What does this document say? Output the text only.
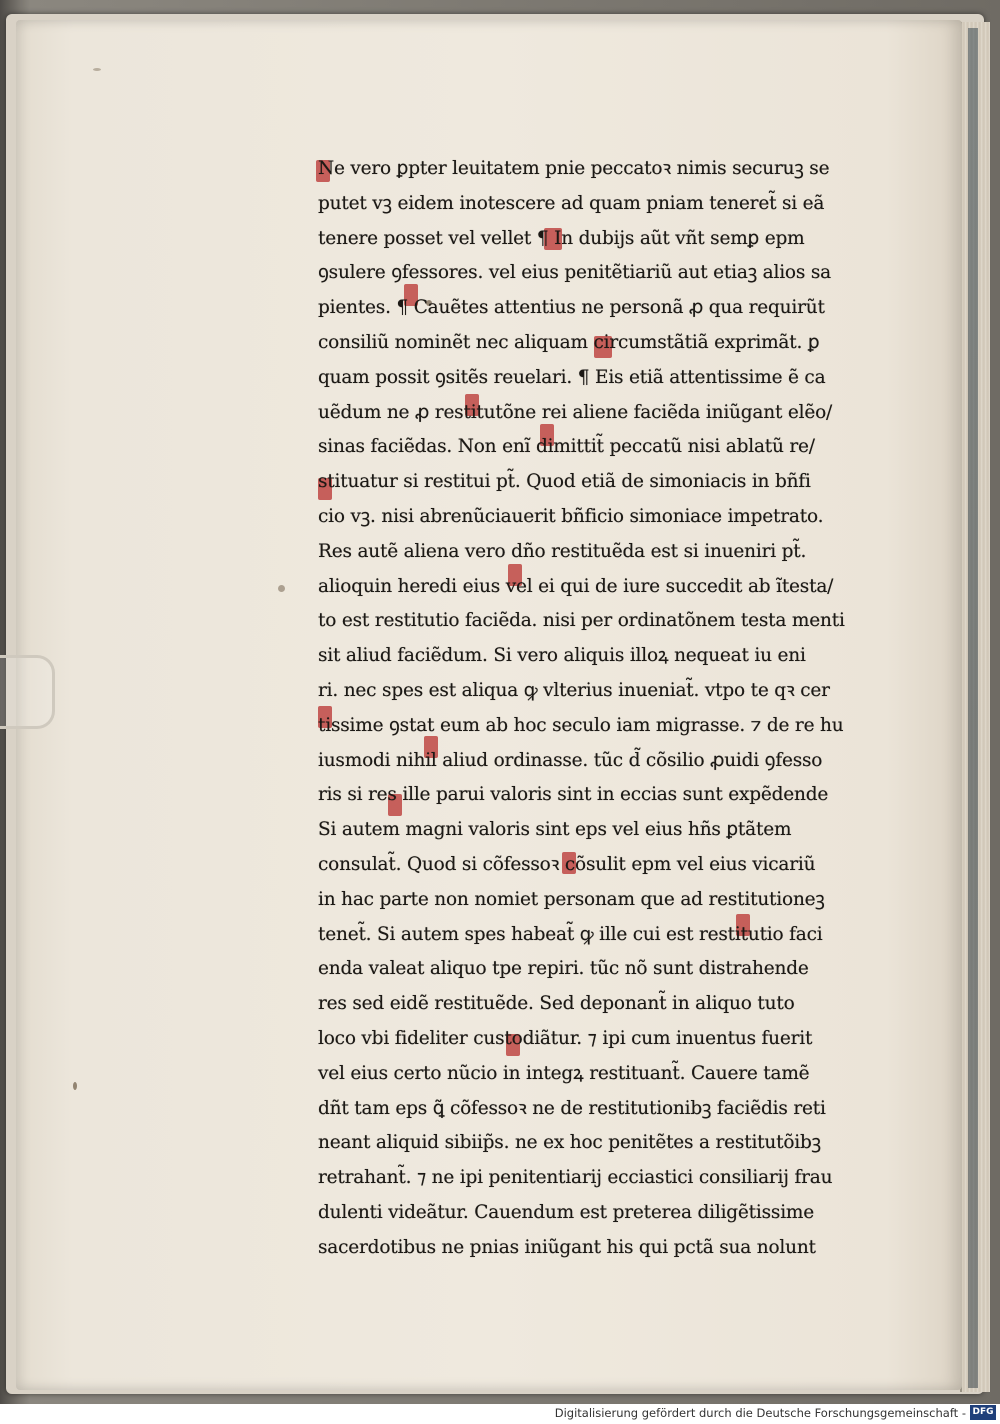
Ne vero ꝑpter leuitatem pnie peccatoꝛ nimis securuꝫ se
putet vꝫ eidem inotescere ad quam pniam teneret̃ si eã
tenere posset vel vellet ¶ In dubijs aũt vñt semꝑ epm
ꝯsulere ꝯfessores. vel eius penitẽtiariũ aut etiaꝫ alios sa
pientes. ¶ Cauẽtes attentius ne personã ꝓ qua requirũt
consiliũ nominẽt nec aliquam circumstãtiã exprimãt. ꝑ
quam possit ꝯsitẽs reuelari. ¶ Eis etiã attentissime ẽ ca
uẽdum ne ꝓ restitutõne rei aliene faciẽda iniũgant elẽo/
sinas faciẽdas. Non enĩ dimittit̃ peccatũ nisi ablatũ re/
stituatur si restitui pt̃. Quod etiã de simoniacis in bñfi
cio vꝫ. nisi abrenũciauerit bñficio simoniace impetrato.
Res autẽ aliena vero dño restituẽda est si inueniri pt̃.
alioquin heredi eius vel ei qui de iure succedit ab ĩtesta/
to est restitutio faciẽda. nisi per ordinatõnem testa menti
sit aliud faciẽdum. Si vero aliquis illoꝝ nequeat iu eni
ri. nec spes est aliqua ꝙ vlterius inueniat̃. vtpo te qꝛ cer
tissime ꝯstat eum ab hoc seculo iam migrasse. ⁊ de re hu
iusmodi nihil aliud ordinasse. tũc d̃ cõsilio ꝓuidi ꝯfesso
ris si res ille parui valoris sint in eccias sunt expẽdende
Si autem magni valoris sint eps vel eius hñs ꝑtãtem
consulat̃. Quod si cõfessoꝛ cõsulit epm vel eius vicariũ
in hac parte non nomiet personam que ad restitutioneꝫ
tenet̃. Si autem spes habeat̃ ꝙ ille cui est restitutio faci
enda valeat aliquo tpe repiri. tũc nõ sunt distrahende
res sed eidẽ restituẽde. Sed deponant̃ in aliquo tuto
loco vbi fideliter custodiãtur. ⁊ ipi cum inuentus fuerit
vel eius certo nũcio in integꝝ restituant̃. Cauere tamẽ
dñt tam eps ꝗ̃ cõfessoꝛ ne de restitutionibꝫ faciẽdis reti
neant aliquid sibiip̃s. ne ex hoc penitẽtes a restitutõibꝫ
retrahant̃. ⁊ ne ipi penitentiarij ecciastici consiliarij frau
dulenti videãtur. Cauendum est preterea diligẽtissime
sacerdotibus ne pnias iniũgant his qui pctã sua nolunt
Digitalisierung gefördert durch die Deutsche Forschungsgemeinschaft - DFG
